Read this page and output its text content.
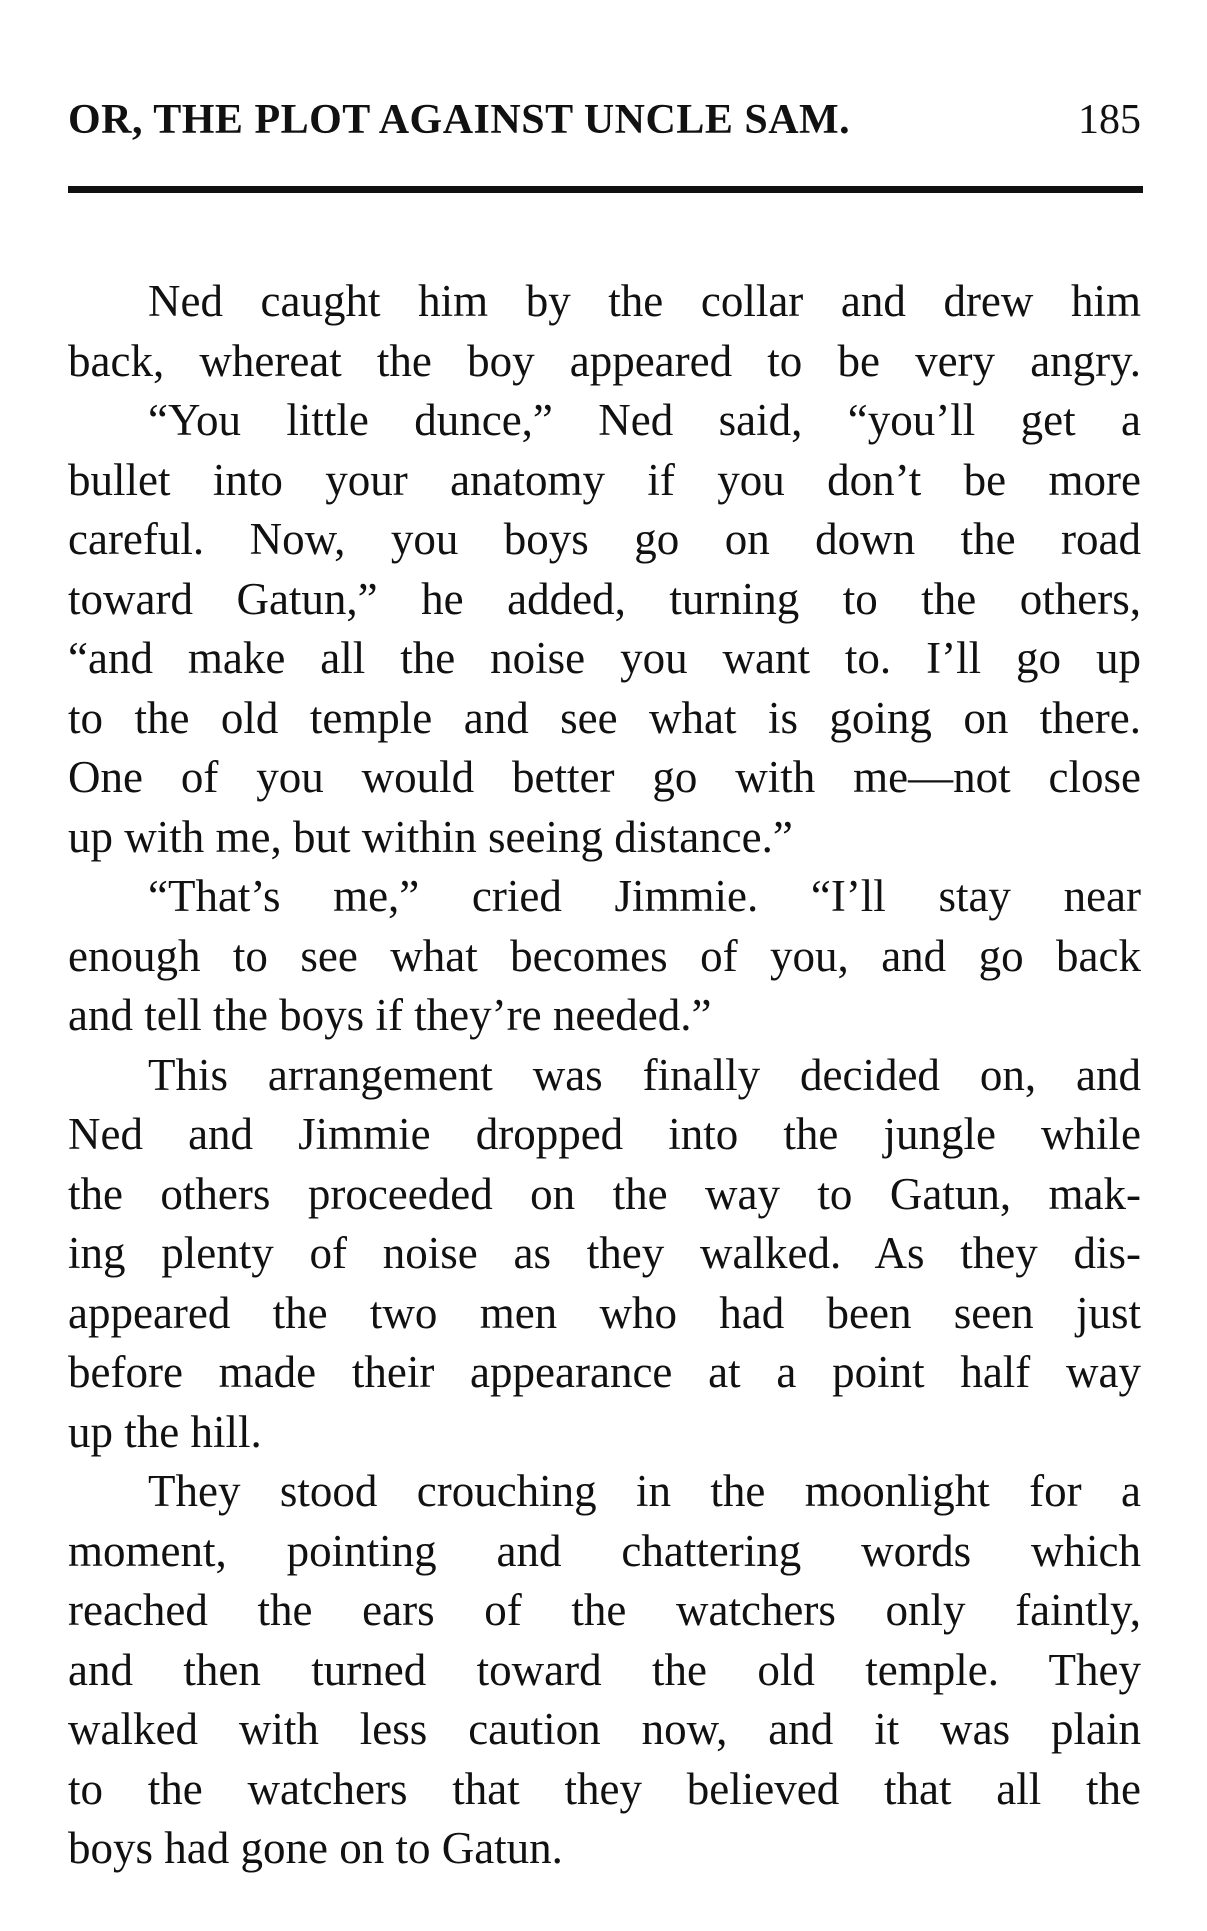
OR, THE PLOT AGAINST UNCLE SAM.	185
Ned caught him by the collar and drew him
back, whereat the boy appeared to be very angry.
“You little dunce,” Ned said, “you’ll get a
bullet into your anatomy if you don’t be more
careful. Now, you boys go on down the road
toward Gatun,” he added, turning to the others,
“and make all the noise you want to. I’ll go up
to the old temple and see what is going on there.
One of you would better go with me—not close
up with me, but within seeing distance.”
“That’s me,” cried Jimmie. “I’ll stay near
enough to see what becomes of you, and go back
and tell the boys if they’re needed.”
This arrangement was finally decided on, and
Ned and Jimmie dropped into the jungle while
the others proceeded on the way to Gatun, mak-
ing plenty of noise as they walked. As they dis-
appeared the two men who had been seen just
before made their appearance at a point half way
up the hill.
They stood crouching in the moonlight for a
moment, pointing and chattering words which
reached the ears of the watchers only faintly,
and then turned toward the old temple. They
walked with less caution now, and it was plain
to the watchers that they believed that all the
boys had gone on to Gatun.
